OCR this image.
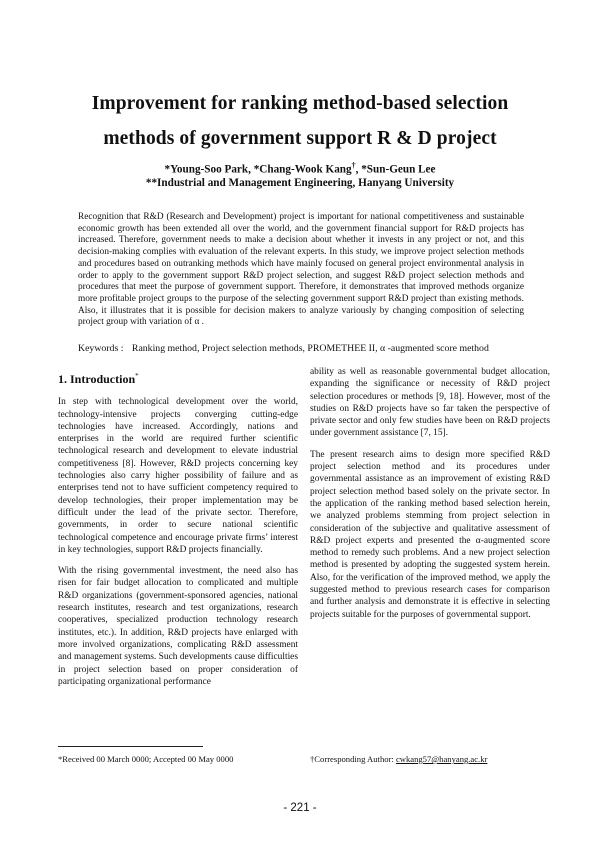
Improvement for ranking method-based selection
methods of government support R & D project
*Young-Soo Park, *Chang-Wook Kang†, *Sun-Geun Lee
**Industrial and Management Engineering, Hanyang University
Recognition that R&D (Research and Development) project is important for national competitiveness and sustainable economic growth has been extended all over the world, and the government financial support for R&D projects has increased. Therefore, government needs to make a decision about whether it invests in any project or not, and this decision-making complies with evaluation of the relevant experts. In this study, we improve project selection methods and procedures based on outranking methods which have mainly focused on general project environmental analysis in order to apply to the government support R&D project selection, and suggest R&D project selection methods and procedures that meet the purpose of government support. Therefore, it demonstrates that improved methods organize more profitable project groups to the purpose of the selecting government support R&D project than existing methods. Also, it illustrates that it is possible for decision makers to analyze variously by changing composition of selecting project group with variation of α .
Keywords : Ranking method, Project selection methods, PROMETHEE II, α -augmented score method
1. Introduction*

In step with technological development over the world, technology-intensive projects converging cutting-edge technologies have increased. Accordingly, nations and enterprises in the world are required further scientific technological research and development to elevate industrial competitiveness [8]. However, R&D projects concerning key technologies also carry higher possibility of failure and as enterprises tend not to have sufficient competency required to develop technologies, their proper implementation may be difficult under the lead of the private sector. Therefore, governments, in order to secure national scientific technological competence and encourage private firms’ interest in key technologies, support R&D projects financially.

With the rising governmental investment, the need also has risen for fair budget allocation to complicated and multiple R&D organizations (government-sponsored agencies, national research institutes, research and test organizations, research cooperatives, specialized production technology research institutes, etc.). In addition, R&D projects have enlarged with more involved organizations, complicating R&D assessment and management systems. Such developments cause difficulties in project selection based on proper consideration of participating organizational performance

ability as well as reasonable governmental budget allocation, expanding the significance or necessity of R&D project selection procedures or methods [9, 18]. However, most of the studies on R&D projects have so far taken the perspective of private sector and only few studies have been on R&D projects under government assistance [7, 15].

The present research aims to design more specified R&D project selection method and its procedures under governmental assistance as an improvement of existing R&D project selection method based solely on the private sector. In the application of the ranking method based selection herein, we analyzed problems stemming from project selection in consideration of the subjective and qualitative assessment of R&D project experts and presented the α-augmented score method to remedy such problems. And a new project selection method is presented by adopting the suggested system herein. Also, for the verification of the improved method, we apply the suggested method to previous research cases for comparison and further analysis and demonstrate it is effective in selecting projects suitable for the purposes of governmental support.

*Received 00 March 0000; Accepted 00 May 0000	†Corresponding Author: cwkang57@hanyang.ac.kr
- 221 -
